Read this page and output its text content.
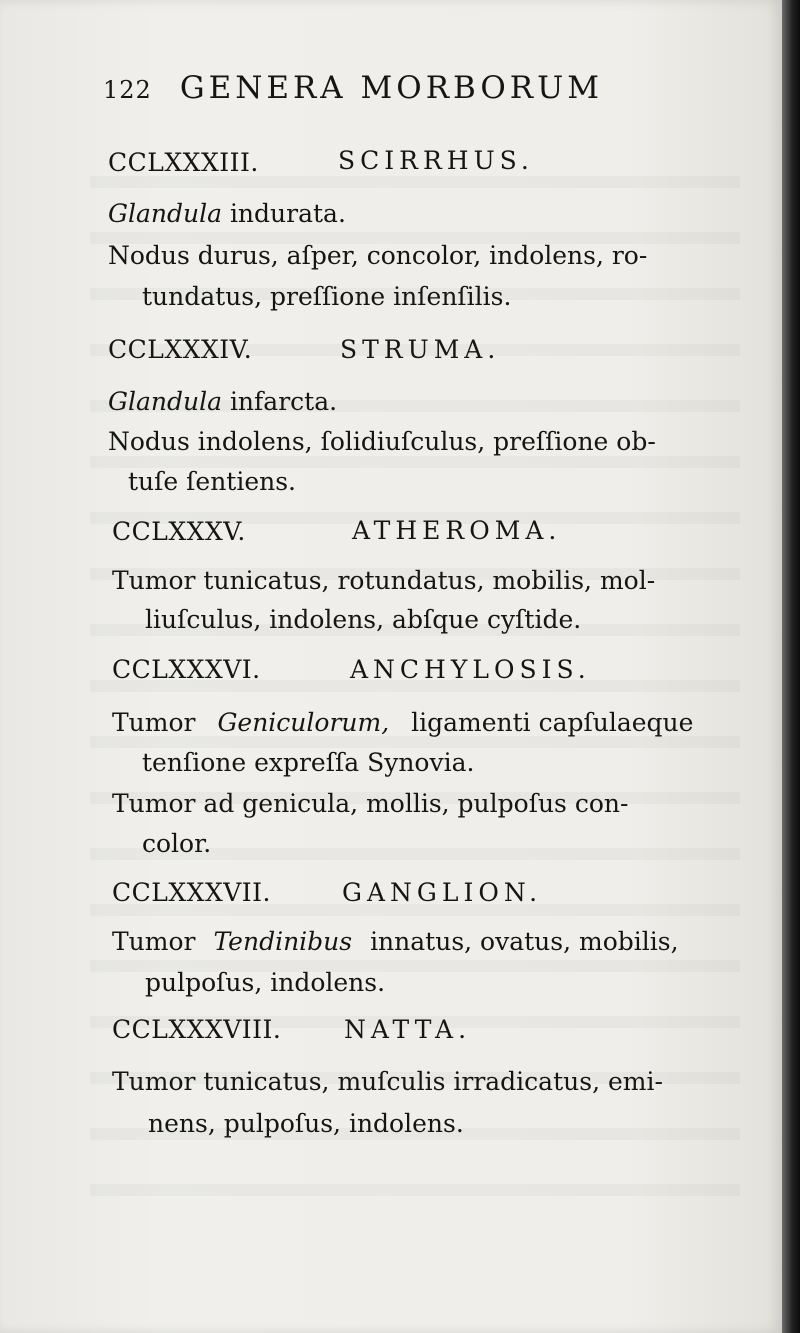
122 GENERA MORBORUM
CCLXXXIII.	SCIRRHUS.
Glandula indurata.
Nodus durus, aſper, concolor, indolens, ro-
tundatus, preſſione inſenſilis.
CCLXXXIV.	STRUMA.
Glandula infarcta.
Nodus indolens, ſolidiuſculus, preſſione ob-
tuſe ſentiens.
CCLXXXV.	ATHEROMA.
Tumor tunicatus, rotundatus, mobilis, mol-
liuſculus, indolens, abſque cyſtide.
CCLXXXVI.	ANCHYLOSIS.
Tumor Geniculorum, ligamenti capſulaeque
tenſione expreſſa Synovia.
Tumor ad genicula, mollis, pulpoſus con-
color.
CCLXXXVII.	GANGLION.
Tumor Tendinibus innatus, ovatus, mobilis,
pulpoſus, indolens.
CCLXXXVIII.	NATTA.
Tumor tunicatus, muſculis irradicatus, emi-
nens, pulpoſus, indolens.
